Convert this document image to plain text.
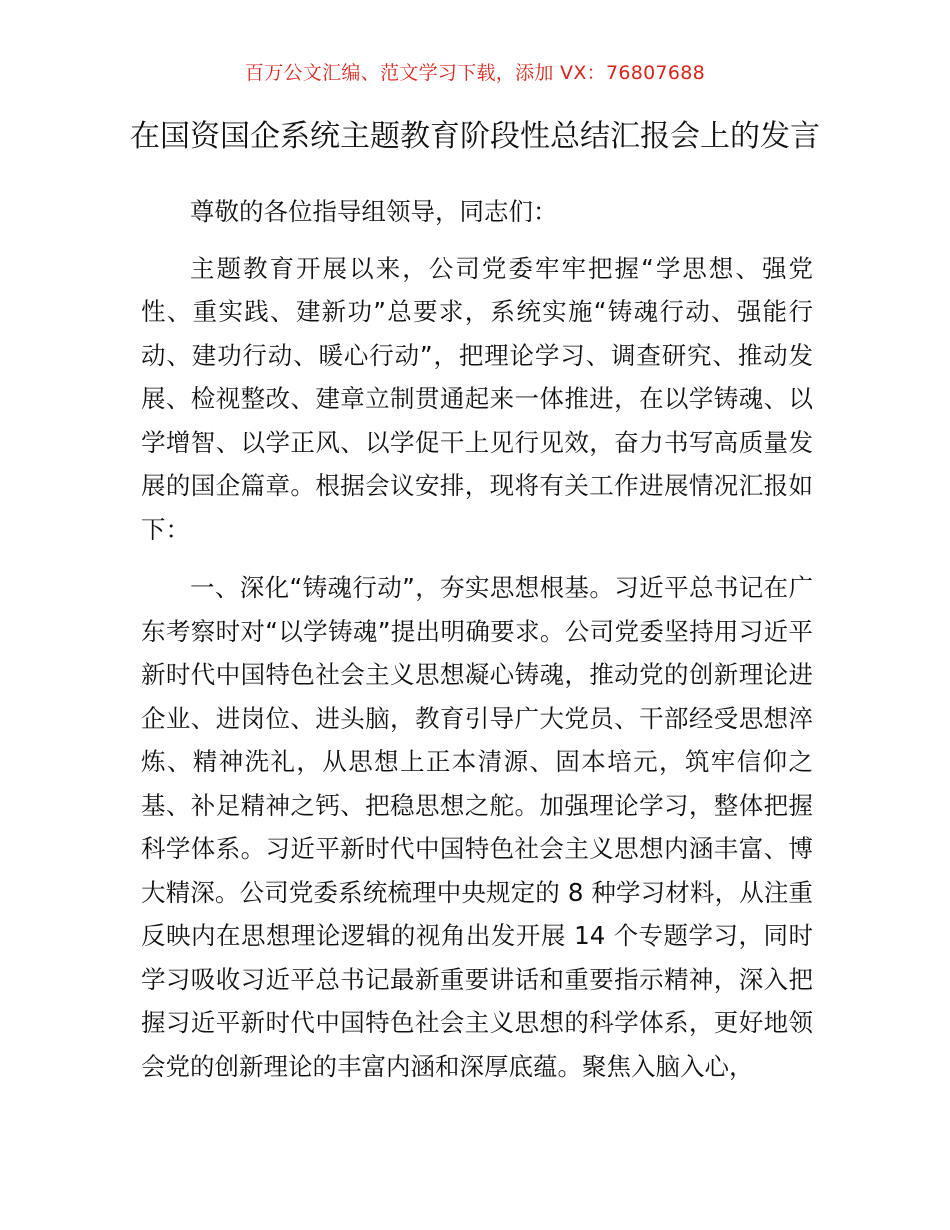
百万公文汇编、范文学习下载，添加 VX：76807688
在国资国企系统主题教育阶段性总结汇报会上的发言

尊敬的各位指导组领导，同志们：

主题教育开展以来，公司党委牢牢把握“学思想、强党性、重实践、建新功”总要求，系统实施“铸魂行动、强能行动、建功行动、暖心行动”，把理论学习、调查研究、推动发展、检视整改、建章立制贯通起来一体推进，在以学铸魂、以学增智、以学正风、以学促干上见行见效，奋力书写高质量发展的国企篇章。根据会议安排，现将有关工作进展情况汇报如下：

一、深化“铸魂行动”，夯实思想根基。习近平总书记在广东考察时对“以学铸魂”提出明确要求。公司党委坚持用习近平新时代中国特色社会主义思想凝心铸魂，推动党的创新理论进企业、进岗位、进头脑，教育引导广大党员、干部经受思想淬炼、精神洗礼，从思想上正本清源、固本培元，筑牢信仰之基、补足精神之钙、把稳思想之舵。加强理论学习，整体把握科学体系。习近平新时代中国特色社会主义思想内涵丰富、博大精深。公司党委系统梳理中央规定的 8 种学习材料，从注重反映内在思想理论逻辑的视角出发开展 14 个专题学习，同时学习吸收习近平总书记最新重要讲话和重要指示精神，深入把握习近平新时代中国特色社会主义思想的科学体系，更好地领会党的创新理论的丰富内涵和深厚底蕴。聚焦入脑入心，
